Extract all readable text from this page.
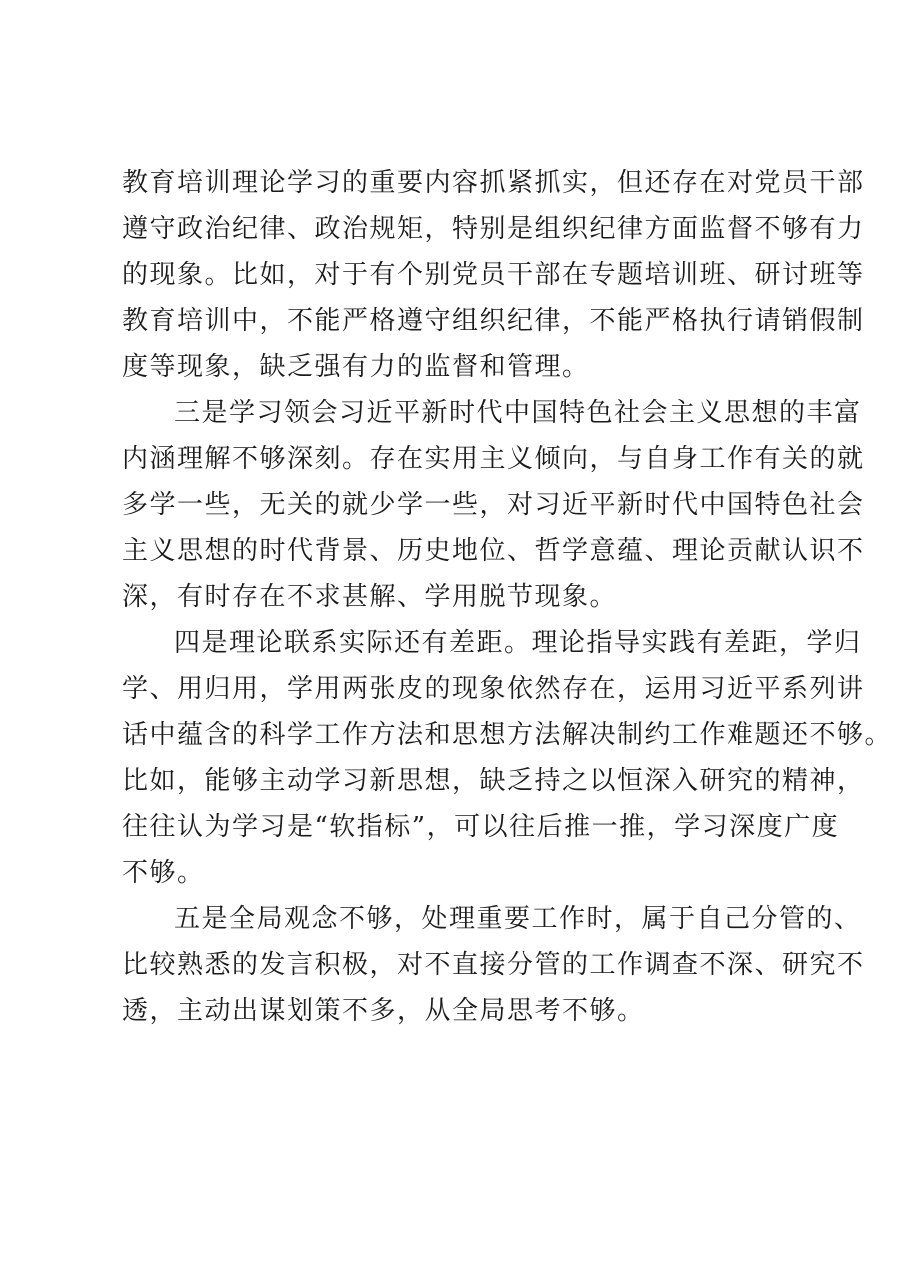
教育培训理论学习的重要内容抓紧抓实，但还存在对党员干部
遵守政治纪律、政治规矩，特别是组织纪律方面监督不够有力
的现象。比如，对于有个别党员干部在专题培训班、研讨班等
教育培训中，不能严格遵守组织纪律，不能严格执行请销假制
度等现象，缺乏强有力的监督和管理。

三是学习领会习近平新时代中国特色社会主义思想的丰富
内涵理解不够深刻。存在实用主义倾向，与自身工作有关的就
多学一些，无关的就少学一些，对习近平新时代中国特色社会
主义思想的时代背景、历史地位、哲学意蕴、理论贡献认识不
深，有时存在不求甚解、学用脱节现象。

四是理论联系实际还有差距。理论指导实践有差距，学归
学、用归用，学用两张皮的现象依然存在，运用习近平系列讲
话中蕴含的科学工作方法和思想方法解决制约工作难题还不够。
比如，能够主动学习新思想，缺乏持之以恒深入研究的精神，
往往认为学习是“软指标”，可以往后推一推，学习深度广度
不够。

五是全局观念不够，处理重要工作时，属于自己分管的、
比较熟悉的发言积极，对不直接分管的工作调查不深、研究不
透，主动出谋划策不多，从全局思考不够。
